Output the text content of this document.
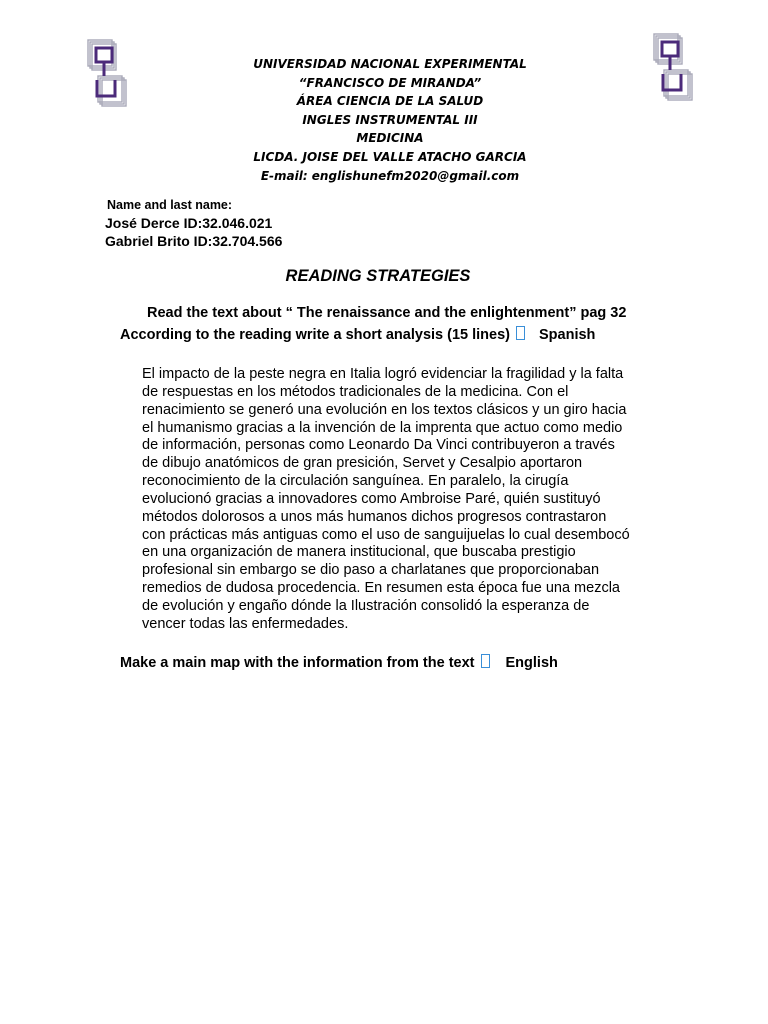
UNIVERSIDAD NACIONAL EXPERIMENTAL
“FRANCISCO DE MIRANDA”
ÁREA CIENCIA DE LA SALUD
INGLES INSTRUMENTAL III
MEDICINA
LICDA. JOISE DEL VALLE ATACHO GARCIA
E-mail: englishunefm2020@gmail.com
Name and last name:
José Derce ID:32.046.021
Gabriel Brito ID:32.704.566
READING STRATEGIES
Read the text about “ The renaissance and the enlightenment” pag 32
According to the reading write a short analysis (15 lines) Spanish
El impacto de la peste negra en Italia logró evidenciar la fragilidad y la falta
de respuestas en los métodos tradicionales de la medicina. Con el
renacimiento se generó una evolución en los textos clásicos y un giro hacia
el humanismo gracias a la invención de la imprenta que actuo como medio
de información, personas como Leonardo Da Vinci contribuyeron a través
de dibujo anatómicos de gran presición, Servet y Cesalpio aportaron
reconocimiento de la circulación sanguínea. En paralelo, la cirugía
evolucionó gracias a innovadores como Ambroise Paré, quién sustituyó
métodos dolorosos a unos más humanos dichos progresos contrastaron
con prácticas más antiguas como el uso de sanguijuelas lo cual desembocó
en una organización de manera institucional, que buscaba prestigio
profesional sin embargo se dio paso a charlatanes que proporcionaban
remedios de dudosa procedencia. En resumen esta época fue una mezcla
de evolución y engaño dónde la Ilustración consolidó la esperanza de
vencer todas las enfermedades.
Make a main map with the information from the text English
